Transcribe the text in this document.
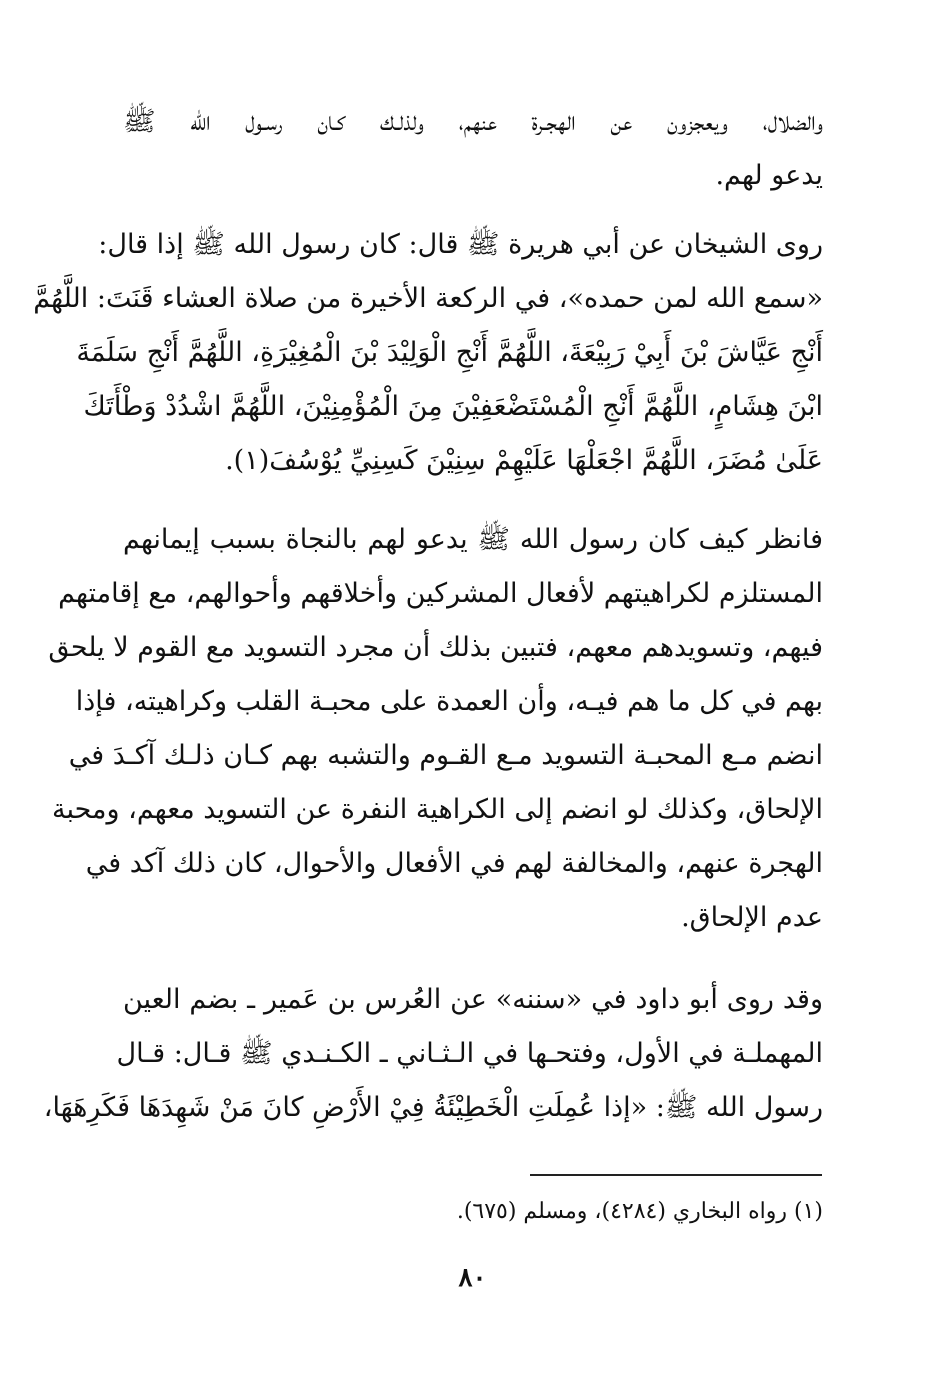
والضلال، ويعجزون عن الهجـرة عنهم، ولذلـك كـان رسـول الله ﷺ
يدعو لهم.
روى الشيخان عن أبي هريرة ﷺ قال: كان رسول الله ﷺ إذا قال:
«سمع الله لمن حمده»، في الركعة الأخيرة من صلاة العشاء قَنَتَ: اللَّهُمَّ
أَنْجِ عَيَّاشَ بْنَ أَبِيْ رَبِيْعَةَ، اللَّهُمَّ أَنْجِ الْوَلِيْدَ بْنَ الْمُغِيْرَةِ، اللَّهُمَّ أَنْجِ سَلَمَةَ
ابْنَ هِشَامٍ، اللَّهُمَّ أَنْجِ الْمُسْتَضْعَفِيْنَ مِنَ الْمُؤْمِنِيْنَ، اللَّهُمَّ اشْدُدْ وَطْأَتَكَ
عَلَىٰ مُضَرَ، اللَّهُمَّ اجْعَلْهَا عَلَيْهِمْ سِنِيْنَ كَسِنِيِّ يُوْسُفَ(١).
فانظر كيف كان رسول الله ﷺ يدعو لهم بالنجاة بسبب إيمانهم
المستلزم لكراهيتهم لأفعال المشركين وأخلاقهم وأحوالهم، مع إقامتهم
فيهم، وتسويدهم معهم، فتبين بذلك أن مجرد التسويد مع القوم لا يلحق
بهم في كل ما هم فيـه، وأن العمدة على محبـة القلب وكراهيته، فإذا
انضم مـع المحبـة التسويد مـع القـوم والتشبه بهم كـان ذلـك آكـدَ في
الإلحاق، وكذلك لو انضم إلى الكراهية النفرة عن التسويد معهم، ومحبة
الهجرة عنهم، والمخالفة لهم في الأفعال والأحوال، كان ذلك آكد في
عدم الإلحاق.
وقد روى أبو داود في «سننه» عن العُرس بن عَمير ـ بضم العين
المهملـة في الأول، وفتحـها في الـثـاني ـ الكـنـدي ﷺ قـال: قـال
رسول الله ﷺ: «إذا عُمِلَتِ الْخَطِيْئَةُ فِيْ الأَرْضِ كانَ مَنْ شَهِدَهَا فَكَرِهَهَا،
(١) رواه البخاري (٤٢٨٤)، ومسلم (٦٧٥).
٨٠
